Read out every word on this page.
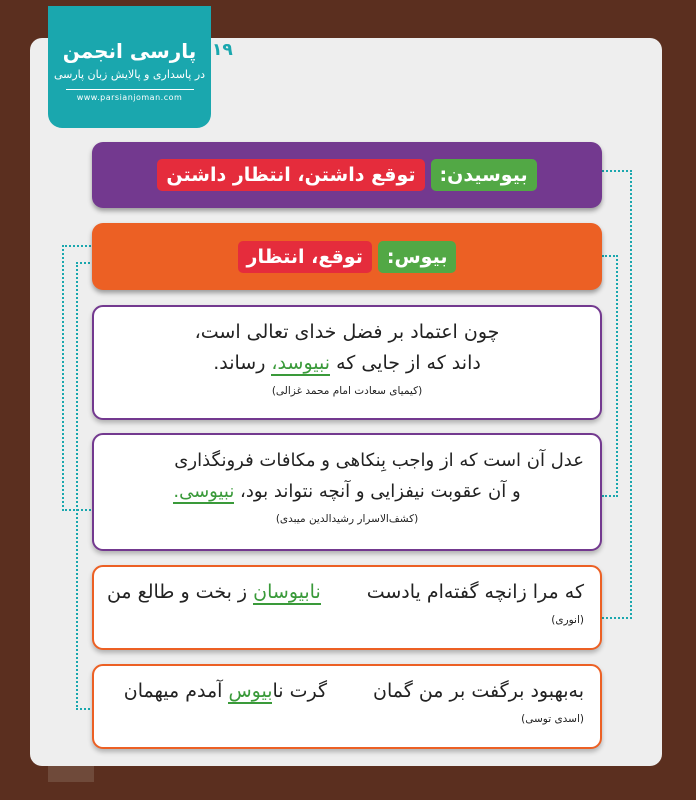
پارسی انجمن
در پاسداری و پالایش زبان پارسی
www.parsianjoman.com
۱۹
بیوسیدن:
توقع داشتن، انتظار داشتن
بیوس:
توقع، انتظار
چون اعتماد بر فضل خدای تعالی است،
داند که از جایی که نبیوسد، رساند.
(کیمیای سعادت امام محمد غزالی)
عدل آن است که از واجب بِنکاهی و مکافات فرونگذاری
و آن عقوبت نیفزایی و آنچه نتواند بود، نبیوسی.
(کشف‌الاسرار رشیدالدین میبدی)
که مرا زانچه گفته‌ام یادستنابیوسان ز بخت و طالع من
(انوری)
به‌بهبود برگفت بر من گمانگرت نابیوس آمدم میهمان
(اسدی توسی)
